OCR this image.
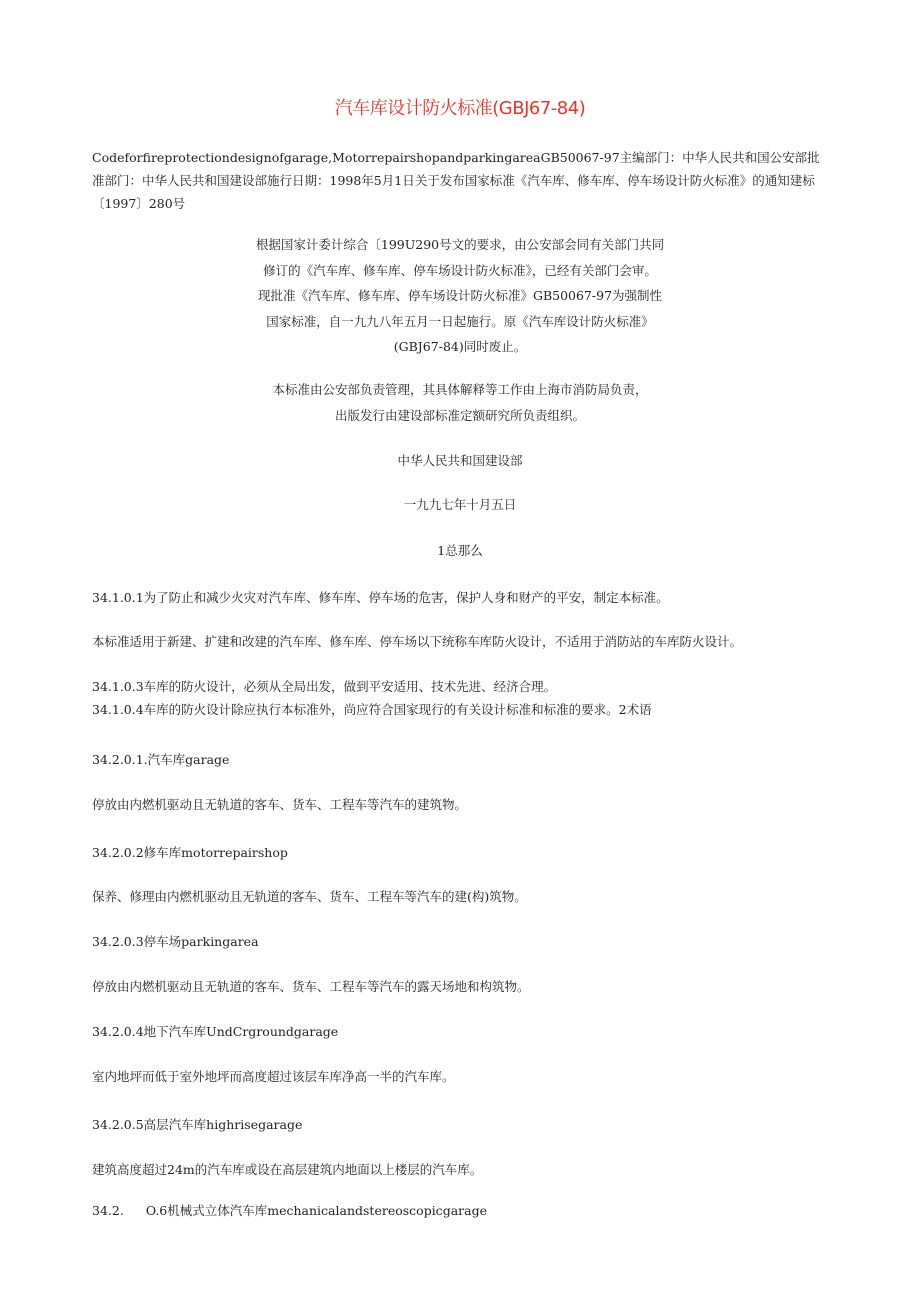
汽车库设计防火标准(GBJ67-84)
Codeforfireprotectiondesignofgarage,MotorrepairshopandparkingareaGB50067-97主编部门：中华人民共和国公安部批准部门：中华人民共和国建设部施行日期：1998年5月1日关于发布国家标准《汽车库、修车库、停车场设计防火标准》的通知建标〔1997〕280号
根据国家计委计综合〔199U290号文的要求，由公安部会同有关部门共同
修订的《汽车库、修车库、停车场设计防火标准》，已经有关部门会审。
现批准《汽车库、修车库、停车场设计防火标准》GB50067-97为强制性
国家标准，自一九九八年五月一日起施行。原《汽车库设计防火标准》
(GBJ67-84)同时废止。
本标准由公安部负责管理，其具体解释等工作由上海市消防局负责，
出版发行由建设部标准定额研究所负责组织。
中华人民共和国建设部
一九九七年十月五日
1总那么
34.1.0.1为了防止和减少火灾对汽车库、修车库、停车场的危害，保护人身和财产的平安，制定本标准。
本标准适用于新建、扩建和改建的汽车库、修车库、停车场以下统称车库防火设计，不适用于消防站的车库防火设计。
34.1.0.3车库的防火设计，必须从全局出发，做到平安适用、技术先进、经济合理。
34.1.0.4车库的防火设计除应执行本标准外，尚应符合国家现行的有关设计标准和标准的要求。2术语
34.2.0.1.汽车库garage
停放由内燃机驱动且无轨道的客车、货车、工程车等汽车的建筑物。
34.2.0.2修车库motorrepairshop
保养、修理由内燃机驱动且无轨道的客车、货车、工程车等汽车的建(构)筑物。
34.2.0.3停车场parkingarea
停放由内燃机驱动且无轨道的客车、货车、工程车等汽车的露天场地和构筑物。
34.2.0.4地下汽车库UndCrgroundgarage
室内地坪而低于室外地坪而高度超过该层车库净高一半的汽车库。
34.2.0.5高层汽车库highrisegarage
建筑高度超过24m的汽车库或设在高层建筑内地面以上楼层的汽车库。
34.2. O.6机械式立体汽车库mechanicalandstereoscopicgarage
